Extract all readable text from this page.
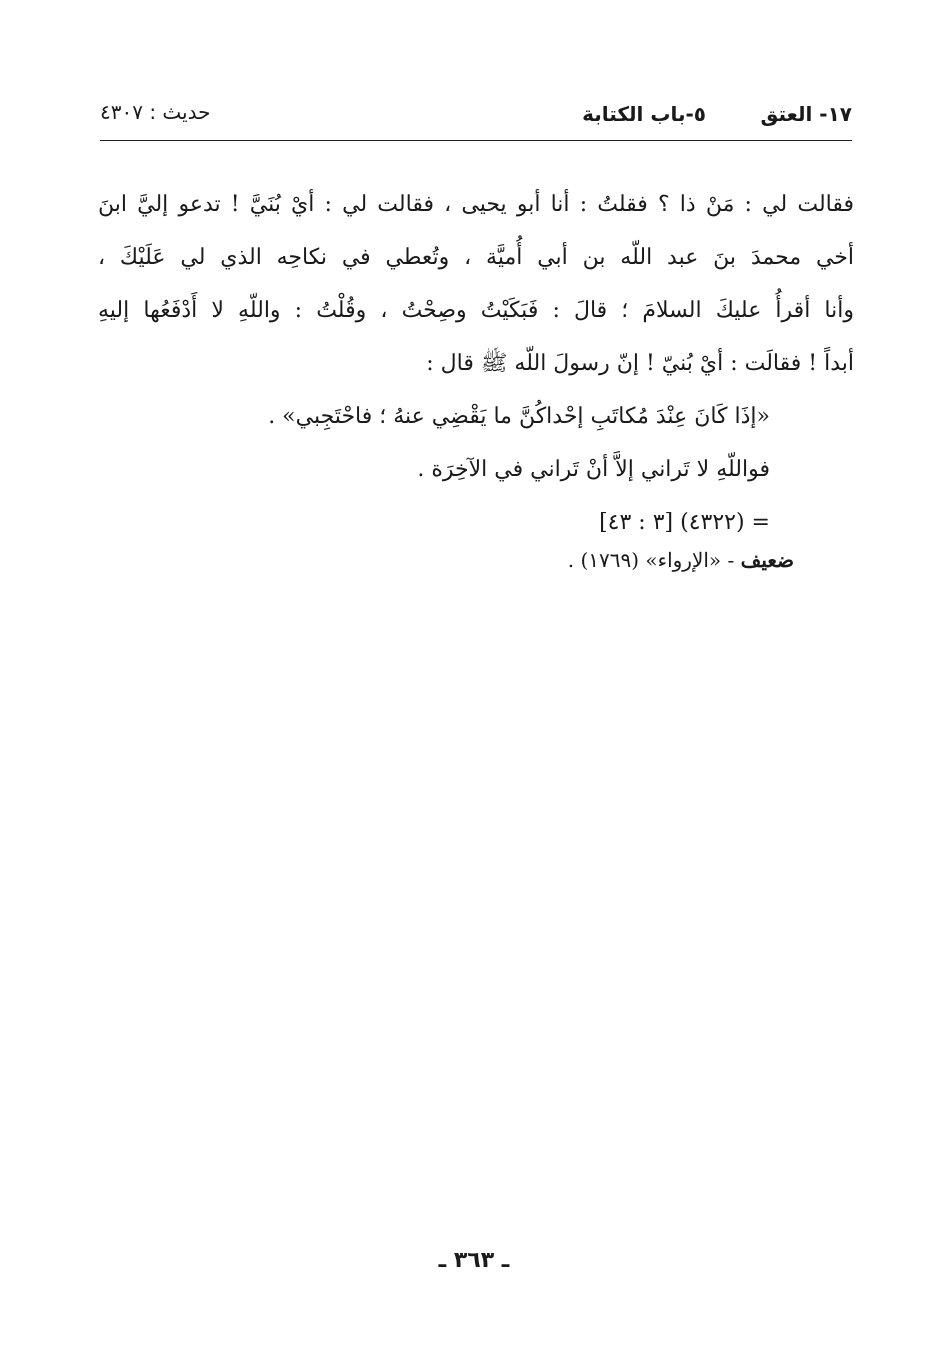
١٧- العتق
٥-باب الكتابة
حديث : ٤٣٠٧
فقالت لي : مَنْ ذا ؟ فقلتُ : أنا أبو يحيى ، فقالت لي : أيْ بُنَيَّ ! تدعو إليَّ ابنَ
أخي محمدَ بنَ عبد اللّه بن أبي أُميَّة ، وتُعطي في نكاحِه الذي لي عَلَيْكَ ،
وأنا أقرأُ عليكَ السلامَ ؛ قالَ : فَبَكَيْتُ وصِحْتُ ، وقُلْتُ : واللّهِ لا أَدْفَعُها إليهِ
أبداً ! فقالَت : أيْ بُنيّ ! إنّ رسولَ اللّه ﷺ قال :
«إذَا كَانَ عِنْدَ مُكاتَبِ إحْداكُنَّ ما يَقْضِي عنهُ ؛ فاحْتَجِبي» .
فواللّهِ لا تَراني إلاَّ أنْ تَراني في الآخِرَة .
= (٤٣٢٢) [٣ : ٤٣]
ضعيف - «الإرواء» (١٧٦٩) .
ـ ٣٦٣ ـ
